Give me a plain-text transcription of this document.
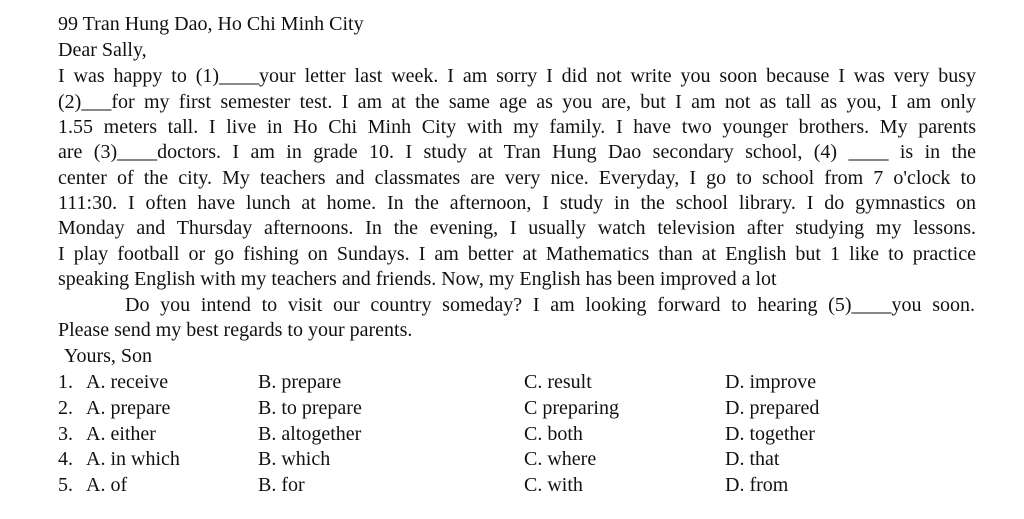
99 Tran Hung Dao, Ho Chi Minh City
Dear Sally,
I was happy to (1)____your letter last week. I am sorry I did not write you soon because I was very busy
(2)___for my first semester test. I am at the same age as you are, but I am not as tall as you, I am only
1.55 meters tall. I live in Ho Chi Minh City with my family. I have two younger brothers. My parents
are (3)____doctors. I am in grade 10. I study at Tran Hung Dao secondary school, (4) ____ is in the
center of the city. My teachers and classmates are very nice. Everyday, I go to school from 7 o'clock to
111:30. I often have lunch at home. In the afternoon, I study in the school library. I do gymnastics on
Monday and Thursday afternoons. In the evening, I usually watch television after studying my lessons.
I play football or go fishing on Sundays. I am better at Mathematics than at English but 1 like to practice
speaking English with my teachers and friends. Now, my English has been improved a lot
Do you intend to visit our country someday? I am looking forward to hearing (5)____you soon.
Please send my best regards to your parents.
Yours, Son
1. A. receive	B. prepare	C. result	D. improve
2. A. prepare	B. to prepare	C preparing	D. prepared
3. A. either	B. altogether	C. both	D. together
4. A. in which	B. which	C. where	D. that
5. A. of	B. for	C. with	D. from
